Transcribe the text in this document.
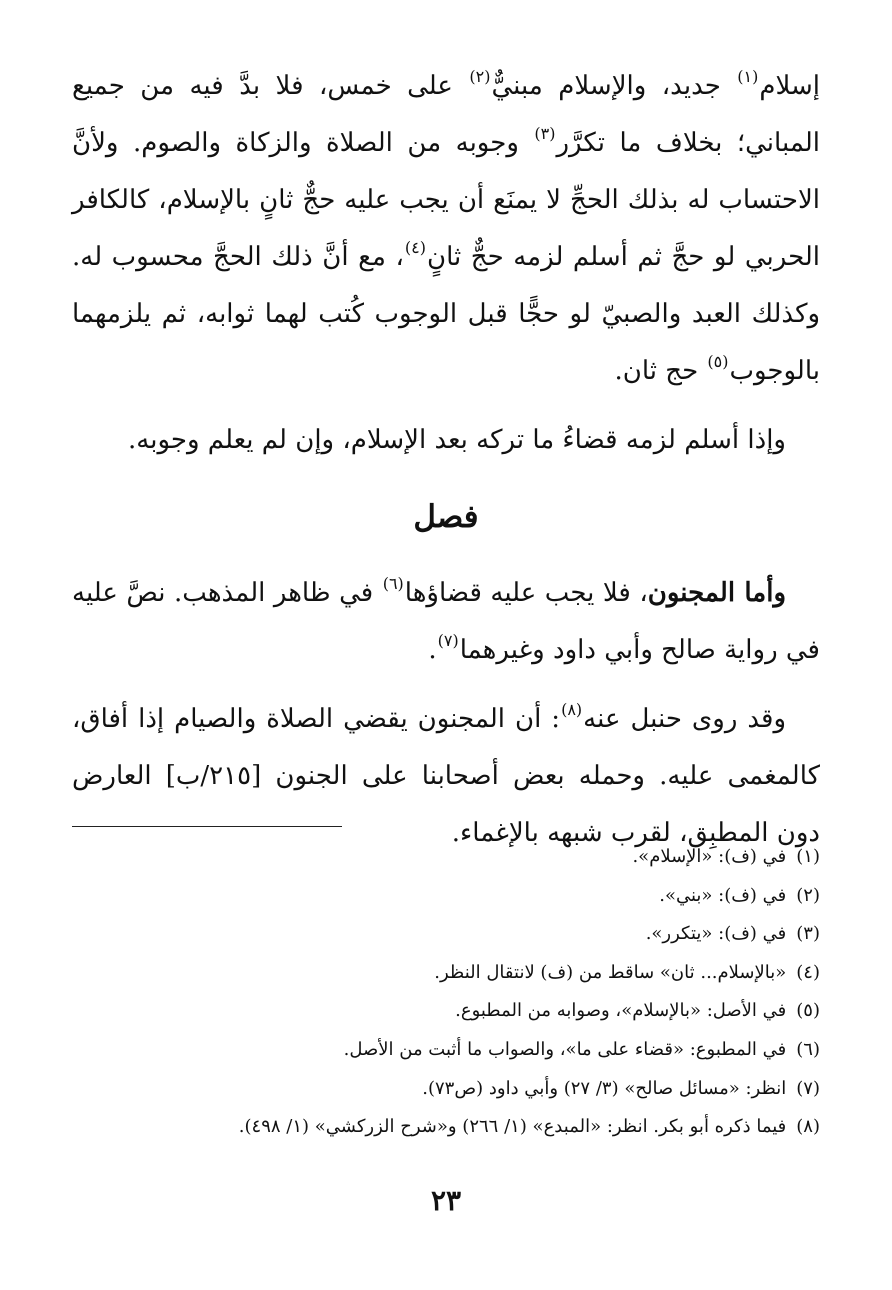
إسلام$^{(١)}$ جديد، والإسلام مبنيٌّ$^{(٢)}$ على خمس، فلا بدَّ فيه من جميع المباني؛ بخلاف ما تكرَّر$^{(٣)}$ وجوبه من الصلاة والزكاة والصوم. ولأنَّ الاحتساب له بذلك الحجِّ لا يمنَع أن يجب عليه حجٌّ ثانٍ بالإسلام، كالكافر الحربي لو حجَّ ثم أسلم لزمه حجٌّ ثانٍ$^{(٤)}$، مع أنَّ ذلك الحجَّ محسوب له. وكذلك العبد والصبيّ لو حجًّا قبل الوجوب كُتب لهما ثوابه، ثم يلزمهما بالوجوب$^{(٥)}$ حج ثان.

وإذا أسلم لزمه قضاءُ ما تركه بعد الإسلام، وإن لم يعلم وجوبه.

فصل

وأما المجنون، فلا يجب عليه قضاؤها$^{(٦)}$ في ظاهر المذهب. نصَّ عليه في رواية صالح وأبي داود وغيرهما$^{(٧)}$.

وقد روى حنبل عنه$^{(٨)}$: أن المجنون يقضي الصلاة والصيام إذا أفاق، كالمغمى عليه. وحمله بعض أصحابنا على الجنون [٢١٥/ب] العارض دون المطبِق، لقرب شبهه بالإغماء.

(١)في (ف): «الإسلام».
(٢)في (ف): «بني».
(٣)في (ف): «يتكرر».
(٤)«بالإسلام... ثان» ساقط من (ف) لانتقال النظر.
(٥)في الأصل: «بالإسلام»، وصوابه من المطبوع.
(٦)في المطبوع: «قضاء على ما»، والصواب ما أثبت من الأصل.
(٧)انظر: «مسائل صالح» (٣/ ٢٧) وأبي داود (ص٧٣).
(٨)فيما ذكره أبو بكر. انظر: «المبدع» (١/ ٢٦٦) و«شرح الزركشي» (١/ ٤٩٨).
٢٣
